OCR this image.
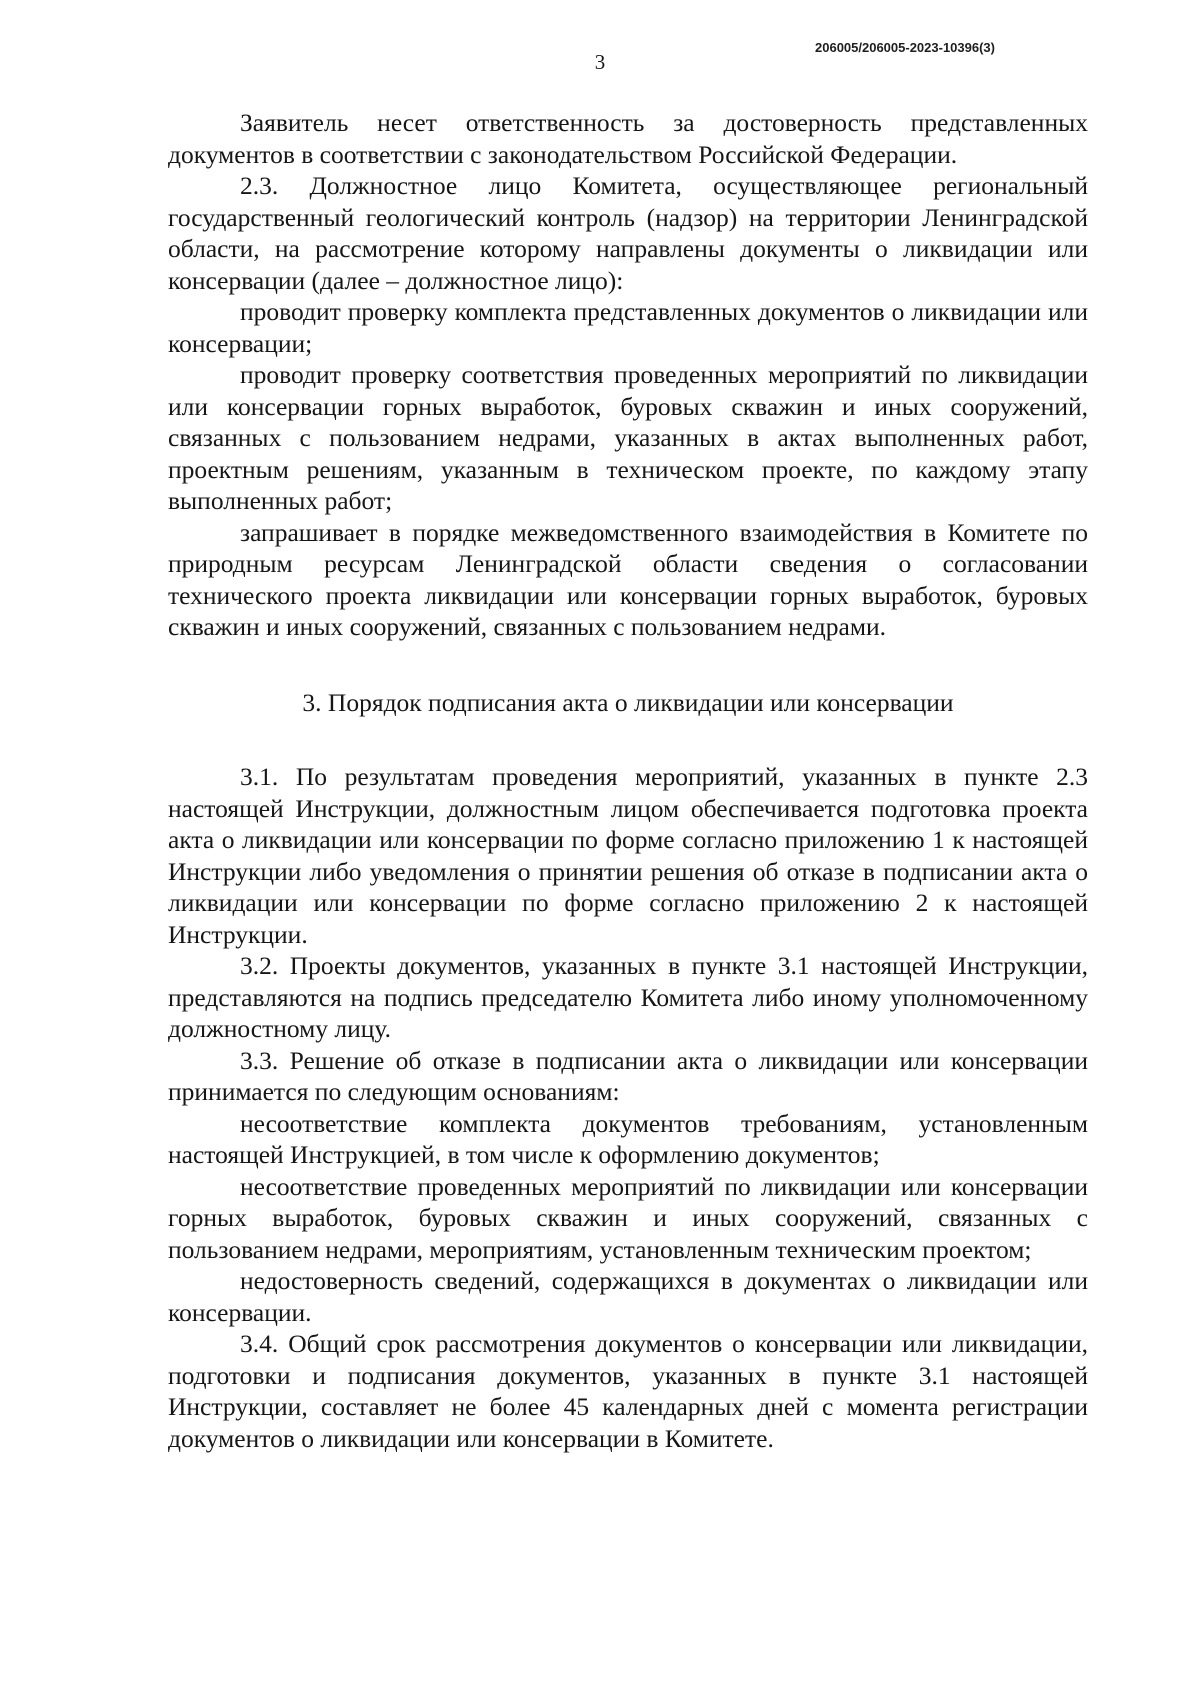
206005/206005-2023-10396(3)
3

Заявитель несет ответственность за достоверность представленных документов в соответствии с законодательством Российской Федерации.

2.3. Должностное лицо Комитета, осуществляющее региональный государственный геологический контроль (надзор) на территории Ленинградской области, на рассмотрение которому направлены документы о ликвидации или консервации (далее – должностное лицо):

проводит проверку комплекта представленных документов о ликвидации или консервации;

проводит проверку соответствия проведенных мероприятий по ликвидации или консервации горных выработок, буровых скважин и иных сооружений, связанных с пользованием недрами, указанных в актах выполненных работ, проектным решениям, указанным в техническом проекте, по каждому этапу выполненных работ;

запрашивает в порядке межведомственного взаимодействия в Комитете по природным ресурсам Ленинградской области сведения о согласовании технического проекта ликвидации или консервации горных выработок, буровых скважин и иных сооружений, связанных с пользованием недрами.

3. Порядок подписания акта о ликвидации или консервации

3.1. По результатам проведения мероприятий, указанных в пункте 2.3 настоящей Инструкции, должностным лицом обеспечивается подготовка проекта акта о ликвидации или консервации по форме согласно приложению 1 к настоящей Инструкции либо уведомления о принятии решения об отказе в подписании акта о ликвидации или консервации по форме согласно приложению 2 к настоящей Инструкции.

3.2. Проекты документов, указанных в пункте 3.1 настоящей Инструкции, представляются на подпись председателю Комитета либо иному уполномоченному должностному лицу.

3.3. Решение об отказе в подписании акта о ликвидации или консервации принимается по следующим основаниям:

несоответствие комплекта документов требованиям, установленным настоящей Инструкцией, в том числе к оформлению документов;

несоответствие проведенных мероприятий по ликвидации или консервации горных выработок, буровых скважин и иных сооружений, связанных с пользованием недрами, мероприятиям, установленным техническим проектом;

недостоверность сведений, содержащихся в документах о ликвидации или консервации.

3.4. Общий срок рассмотрения документов о консервации или ликвидации, подготовки и подписания документов, указанных в пункте 3.1 настоящей Инструкции, составляет не более 45 календарных дней с момента регистрации документов о ликвидации или консервации в Комитете.
